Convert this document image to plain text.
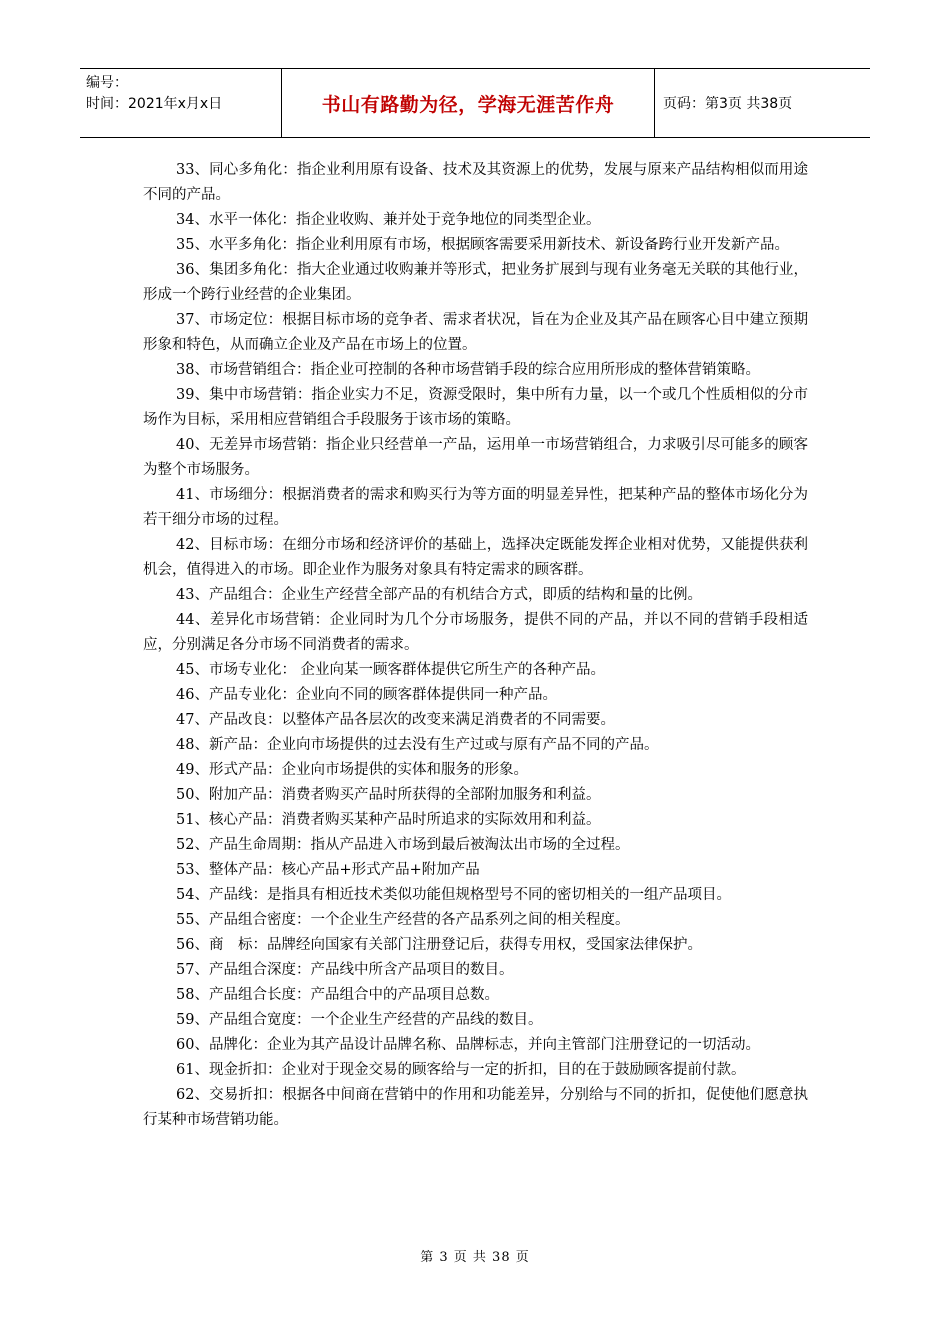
编号：
时间：2021年x月x日	书山有路勤为径，学海无涯苦作舟	页码：第3页 共38页

33、同心多角化：指企业利用原有设备、技术及其资源上的优势，发展与原来产品结构相似而用途不同的产品。

34、水平一体化：指企业收购、兼并处于竞争地位的同类型企业。

35、水平多角化：指企业利用原有市场，根据顾客需要采用新技术、新设备跨行业开发新产品。

36、集团多角化：指大企业通过收购兼并等形式，把业务扩展到与现有业务毫无关联的其他行业，形成一个跨行业经营的企业集团。

37、市场定位：根据目标市场的竞争者、需求者状况，旨在为企业及其产品在顾客心目中建立预期形象和特色，从而确立企业及产品在市场上的位置。

38、市场营销组合：指企业可控制的各种市场营销手段的综合应用所形成的整体营销策略。

39、集中市场营销：指企业实力不足，资源受限时，集中所有力量，以一个或几个性质相似的分市场作为目标，采用相应营销组合手段服务于该市场的策略。

40、无差异市场营销：指企业只经营单一产品，运用单一市场营销组合，力求吸引尽可能多的顾客为整个市场服务。

41、市场细分：根据消费者的需求和购买行为等方面的明显差异性，把某种产品的整体市场化分为若干细分市场的过程。

42、目标市场：在细分市场和经济评价的基础上，选择决定既能发挥企业相对优势，又能提供获利机会，值得进入的市场。即企业作为服务对象具有特定需求的顾客群。

43、产品组合：企业生产经营全部产品的有机结合方式，即质的结构和量的比例。

44、差异化市场营销：企业同时为几个分市场服务，提供不同的产品，并以不同的营销手段相适应，分别满足各分市场不同消费者的需求。

45、市场专业化： 企业向某一顾客群体提供它所生产的各种产品。

46、产品专业化：企业向不同的顾客群体提供同一种产品。

47、产品改良：以整体产品各层次的改变来满足消费者的不同需要。

48、新产品：企业向市场提供的过去没有生产过或与原有产品不同的产品。

49、形式产品：企业向市场提供的实体和服务的形象。

50、附加产品：消费者购买产品时所获得的全部附加服务和利益。

51、核心产品：消费者购买某种产品时所追求的实际效用和利益。

52、产品生命周期：指从产品进入市场到最后被淘汰出市场的全过程。

53、整体产品：核心产品+形式产品+附加产品

54、产品线：是指具有相近技术类似功能但规格型号不同的密切相关的一组产品项目。

55、产品组合密度：一个企业生产经营的各产品系列之间的相关程度。

56、商　标：品牌经向国家有关部门注册登记后，获得专用权，受国家法律保护。

57、产品组合深度：产品线中所含产品项目的数目。

58、产品组合长度：产品组合中的产品项目总数。

59、产品组合宽度：一个企业生产经营的产品线的数目。

60、品牌化：企业为其产品设计品牌名称、品牌标志，并向主管部门注册登记的一切活动。

61、现金折扣：企业对于现金交易的顾客给与一定的折扣，目的在于鼓励顾客提前付款。

62、交易折扣：根据各中间商在营销中的作用和功能差异，分别给与不同的折扣，促使他们愿意执行某种市场营销功能。

第 3 页 共 38 页
